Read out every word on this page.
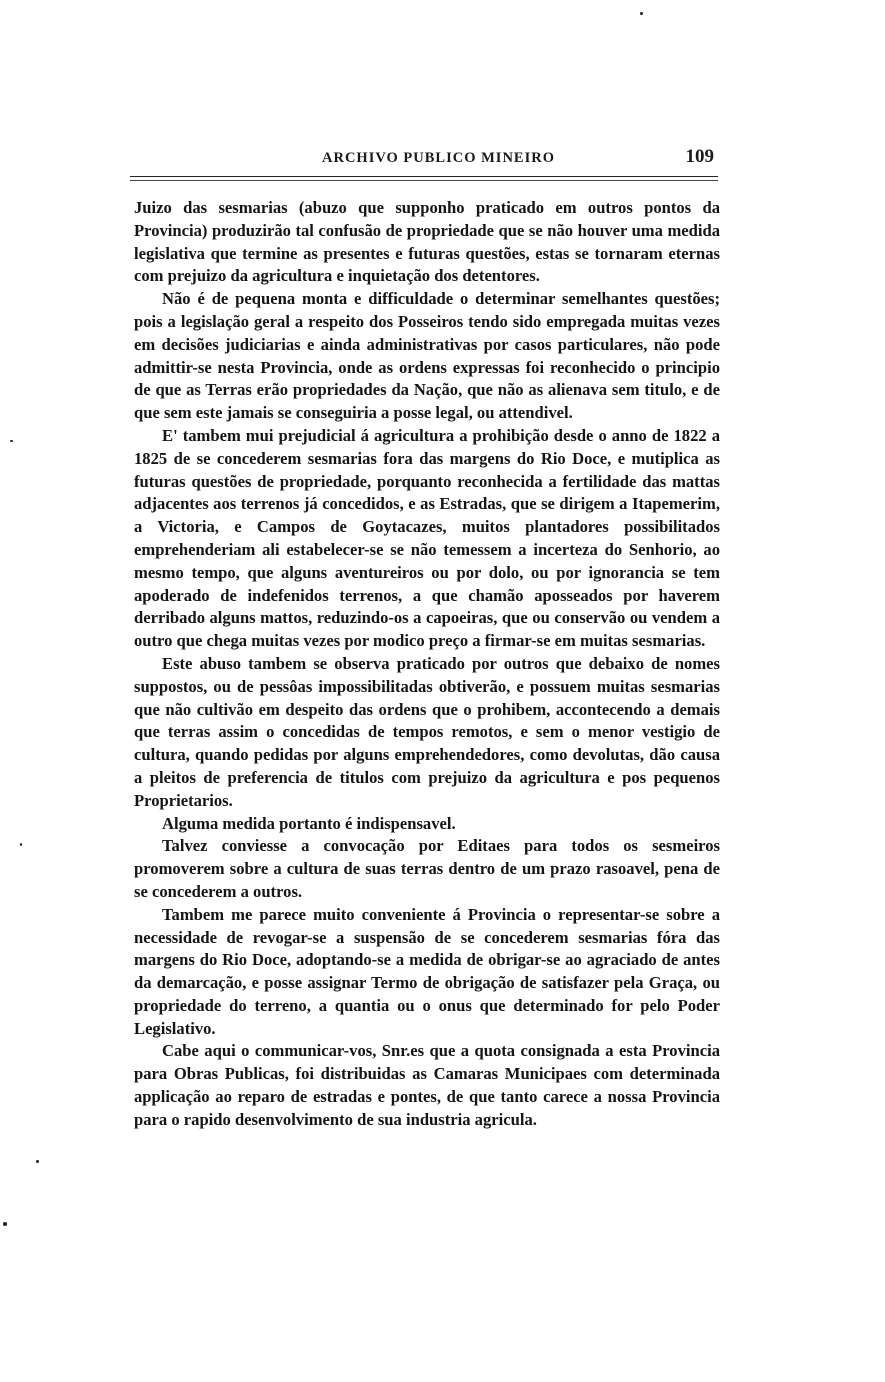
ARCHIVO PUBLICO MINEIRO	109

Juizo das sesmarias (abuzo que supponho praticado em outros pontos da Provincia) produzirão tal confusão de propriedade que se não houver uma medida legislativa que termine as presentes e futuras questões, estas se tornaram eternas com prejuizo da agricultura e inquietação dos detentores.

Não é de pequena monta e difficuldade o determinar semelhantes questões; pois a legislação geral a respeito dos Posseiros tendo sido empregada muitas vezes em decisões judiciarias e ainda administrativas por casos particulares, não pode admittir-se nesta Provincia, onde as ordens expressas foi reconhecido o principio de que as Terras erão propriedades da Nação, que não as alienava sem titulo, e de que sem este jamais se conseguiria a posse legal, ou attendivel.

E' tambem mui prejudicial á agricultura a prohibição desde o anno de 1822 a 1825 de se concederem sesmarias fora das margens do Rio Doce, e mutiplica as futuras questões de propriedade, porquanto reconhecida a fertilidade das mattas adjacentes aos terrenos já concedidos, e as Estradas, que se dirigem a Itapemerim, a Victoria, e Campos de Goytacazes, muitos plantadores possibilitados emprehenderiam ali estabelecer-se se não temessem a incerteza do Senhorio, ao mesmo tempo, que alguns aventureiros ou por dolo, ou por ignorancia se tem apoderado de indefenidos terrenos, a que chamão aposseados por haverem derribado alguns mattos, reduzindo-os a capoeiras, que ou conservão ou vendem a outro que chega muitas vezes por modico preço a firmar-se em muitas sesmarias.

Este abuso tambem se observa praticado por outros que debaixo de nomes suppostos, ou de pessôas impossibilitadas obtiverão, e possuem muitas sesmarias que não cultivão em despeito das ordens que o prohibem, accontecendo a demais que terras assim o concedidas de tempos remotos, e sem o menor vestigio de cultura, quando pedidas por alguns emprehendedores, como devolutas, dão causa a pleitos de preferencia de titulos com prejuizo da agricultura e pos pequenos Proprietarios.

Alguma medida portanto é indispensavel.

Talvez conviesse a convocação por Editaes para todos os sesmeiros promoverem sobre a cultura de suas terras dentro de um prazo rasoavel, pena de se concederem a outros.

Tambem me parece muito conveniente á Provincia o representar-se sobre a necessidade de revogar-se a suspensão de se concederem sesmarias fóra das margens do Rio Doce, adoptando-se a medida de obrigar-se ao agraciado de antes da demarcação, e posse assignar Termo de obrigação de satisfazer pela Graça, ou propriedade do terreno, a quantia ou o onus que determinado for pelo Poder Legislativo.

Cabe aqui o communicar-vos, Snr.es que a quota consignada a esta Provincia para Obras Publicas, foi distribuidas as Camaras Municipaes com determinada applicação ao reparo de estradas e pontes, de que tanto carece a nossa Provincia para o rapido desenvolvimento de sua industria agricula.
